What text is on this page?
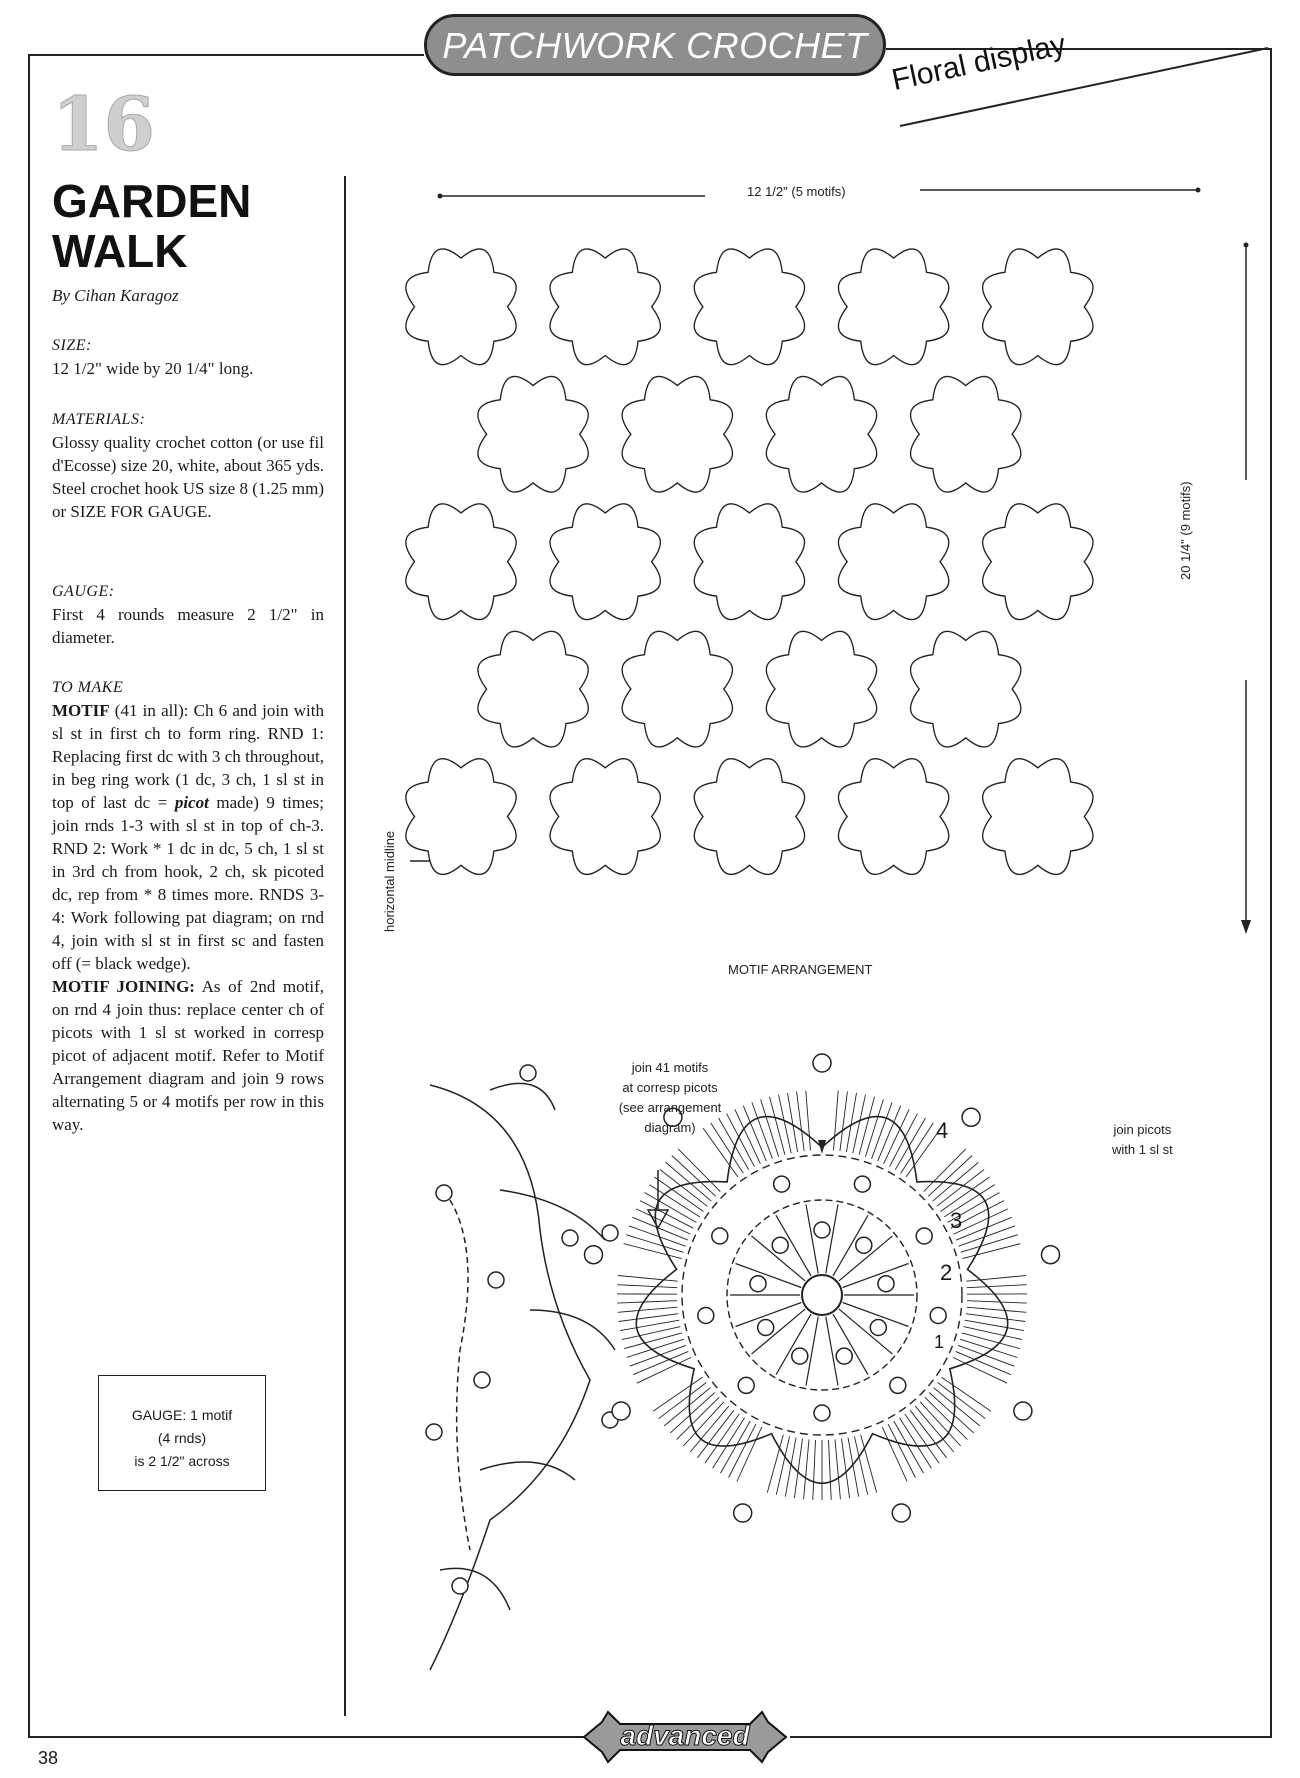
PATCHWORK CROCHET Floral display
16
GARDEN
WALK
By Cihan Karagoz
SIZE:
12 1/2" wide by 20 1/4" long.
MATERIALS:
Glossy quality crochet cotton (or use fil d'Ecosse) size 20, white, about 365 yds. Steel crochet hook US size 8 (1.25 mm) or SIZE FOR GAUGE.
GAUGE:
First 4 rounds measure 2 1/2" in diameter.
TO MAKE
MOTIF (41 in all): Ch 6 and join with sl st in first ch to form ring. RND 1: Replacing first dc with 3 ch throughout, in beg ring work (1 dc, 3 ch, 1 sl st in top of last dc = picot made) 9 times; join rnds 1-3 with sl st in top of ch-3. RND 2: Work * 1 dc in dc, 5 ch, 1 sl st in 3rd ch from hook, 2 ch, sk picoted dc, rep from * 8 times more. RNDS 3-4: Work following pat diagram; on rnd 4, join with sl st in first sc and fasten off (= black wedge).
MOTIF JOINING: As of 2nd motif, on rnd 4 join thus: replace center ch of picots with 1 sl st worked in corresp picot of adjacent motif. Refer to Motif Arrangement diagram and join 9 rows alternating 5 or 4 motifs per row in this way.
GAUGE: 1 motif
(4 rnds)
is 2 1/2" across
12 1/2" (5 motifs)
20 1/4" (9 motifs)
horizontal midline
MOTIF ARRANGEMENT
join 41 motifs
at corresp picots
(see arrangement
diagram)	join picots
with 1 sl st
4
3
2
1
38
advanced
